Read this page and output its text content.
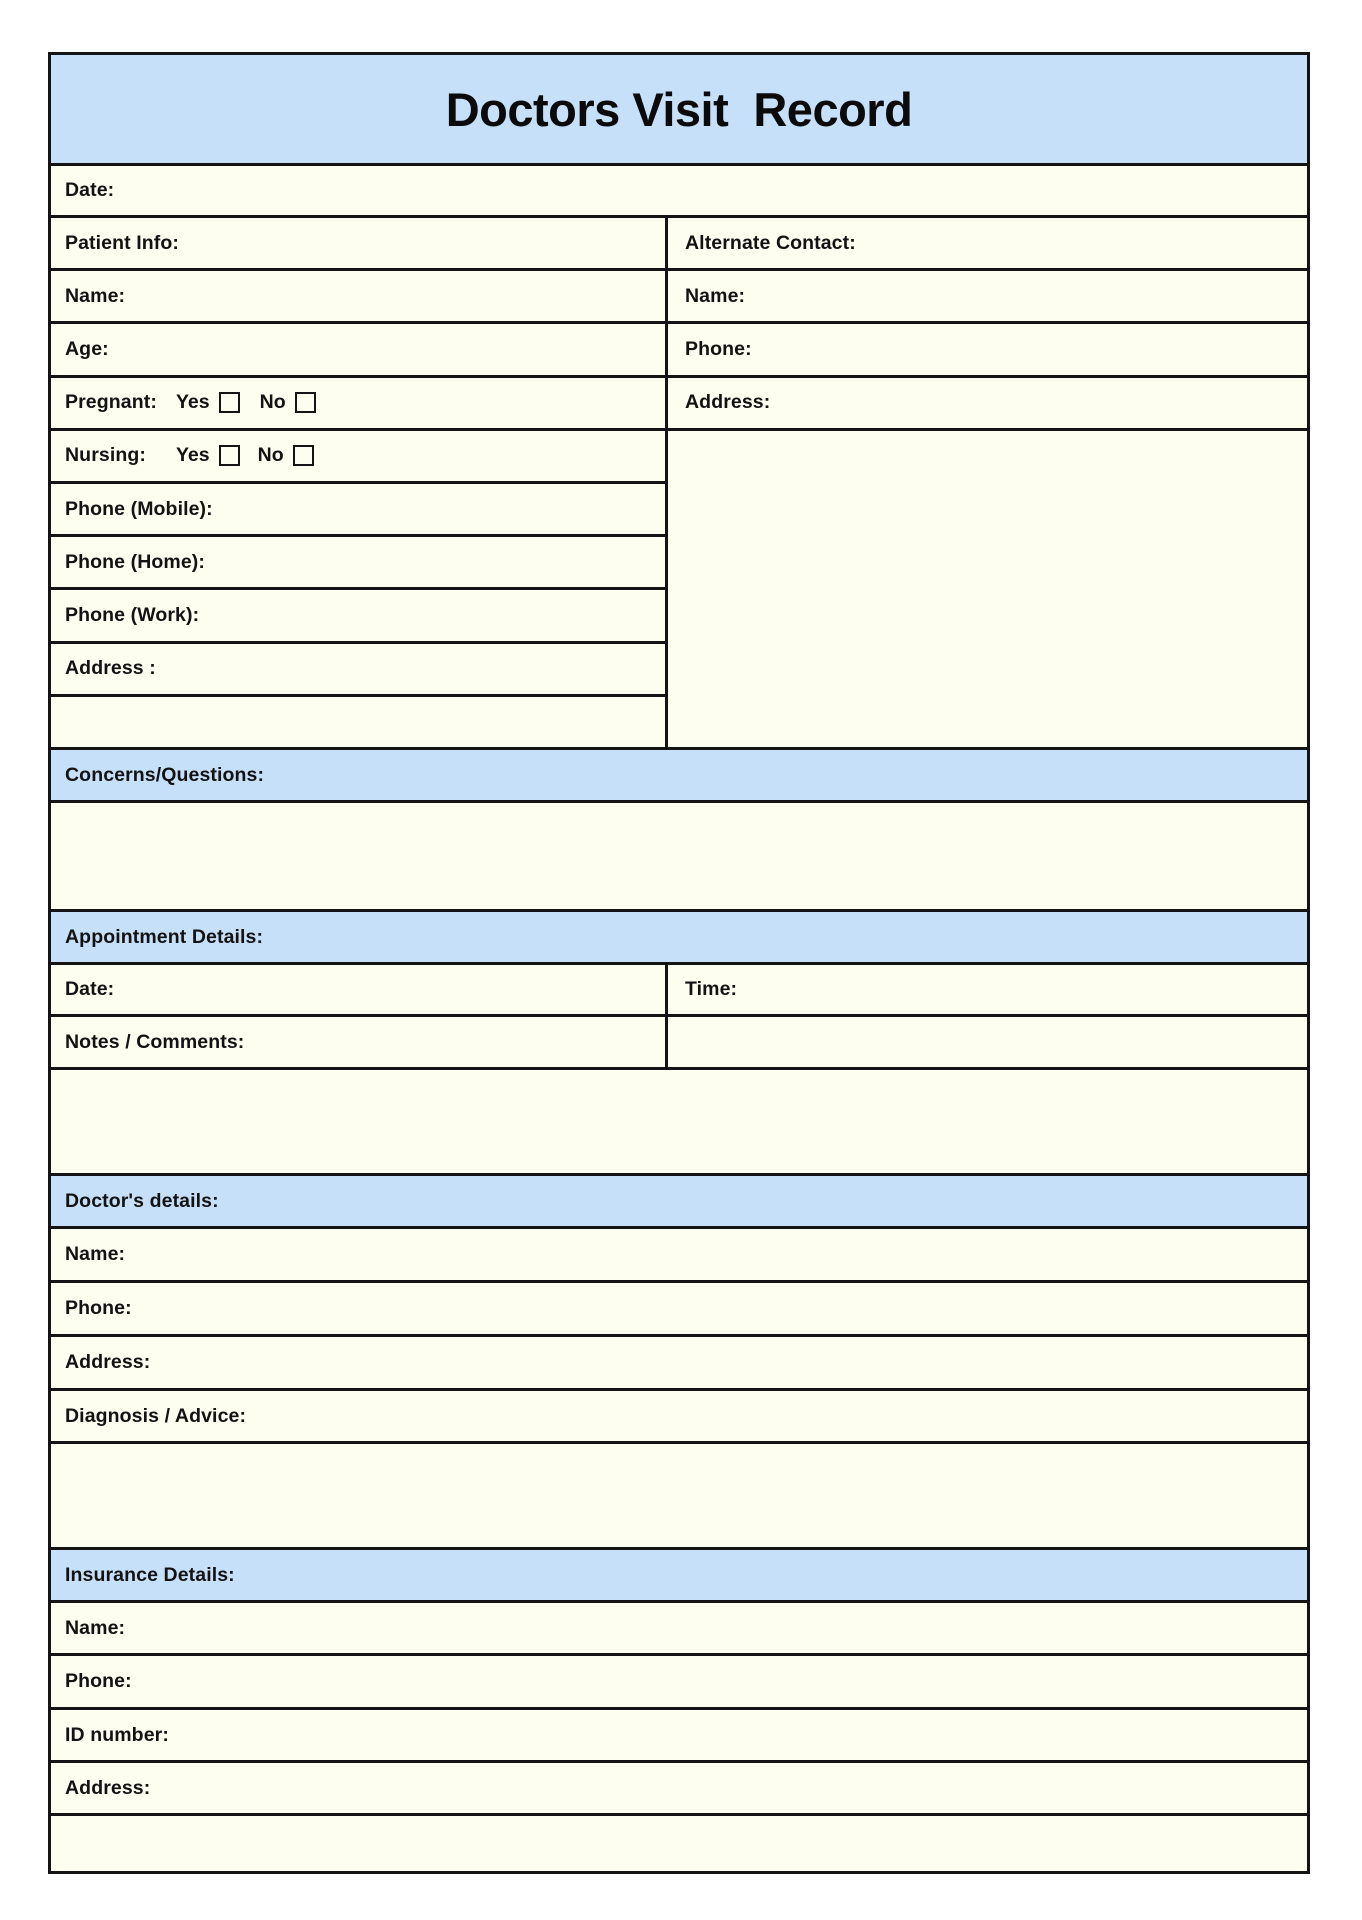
Doctors Visit  Record
Date:
Patient Info:
Name:
Age:
Pregnant: Yes	No
Nursing:	Yes No
Phone (Mobile):
Phone (Home):
Phone (Work):
Address :
Alternate Contact:
Name:
Phone:
Address:
Concerns/Questions:
Appointment Details:
Date:	Time:
Notes / Comments:
Doctor's details:
Name:
Phone:
Address:
Diagnosis / Advice:
Insurance Details:
Name:
Phone:
ID number:
Address:
